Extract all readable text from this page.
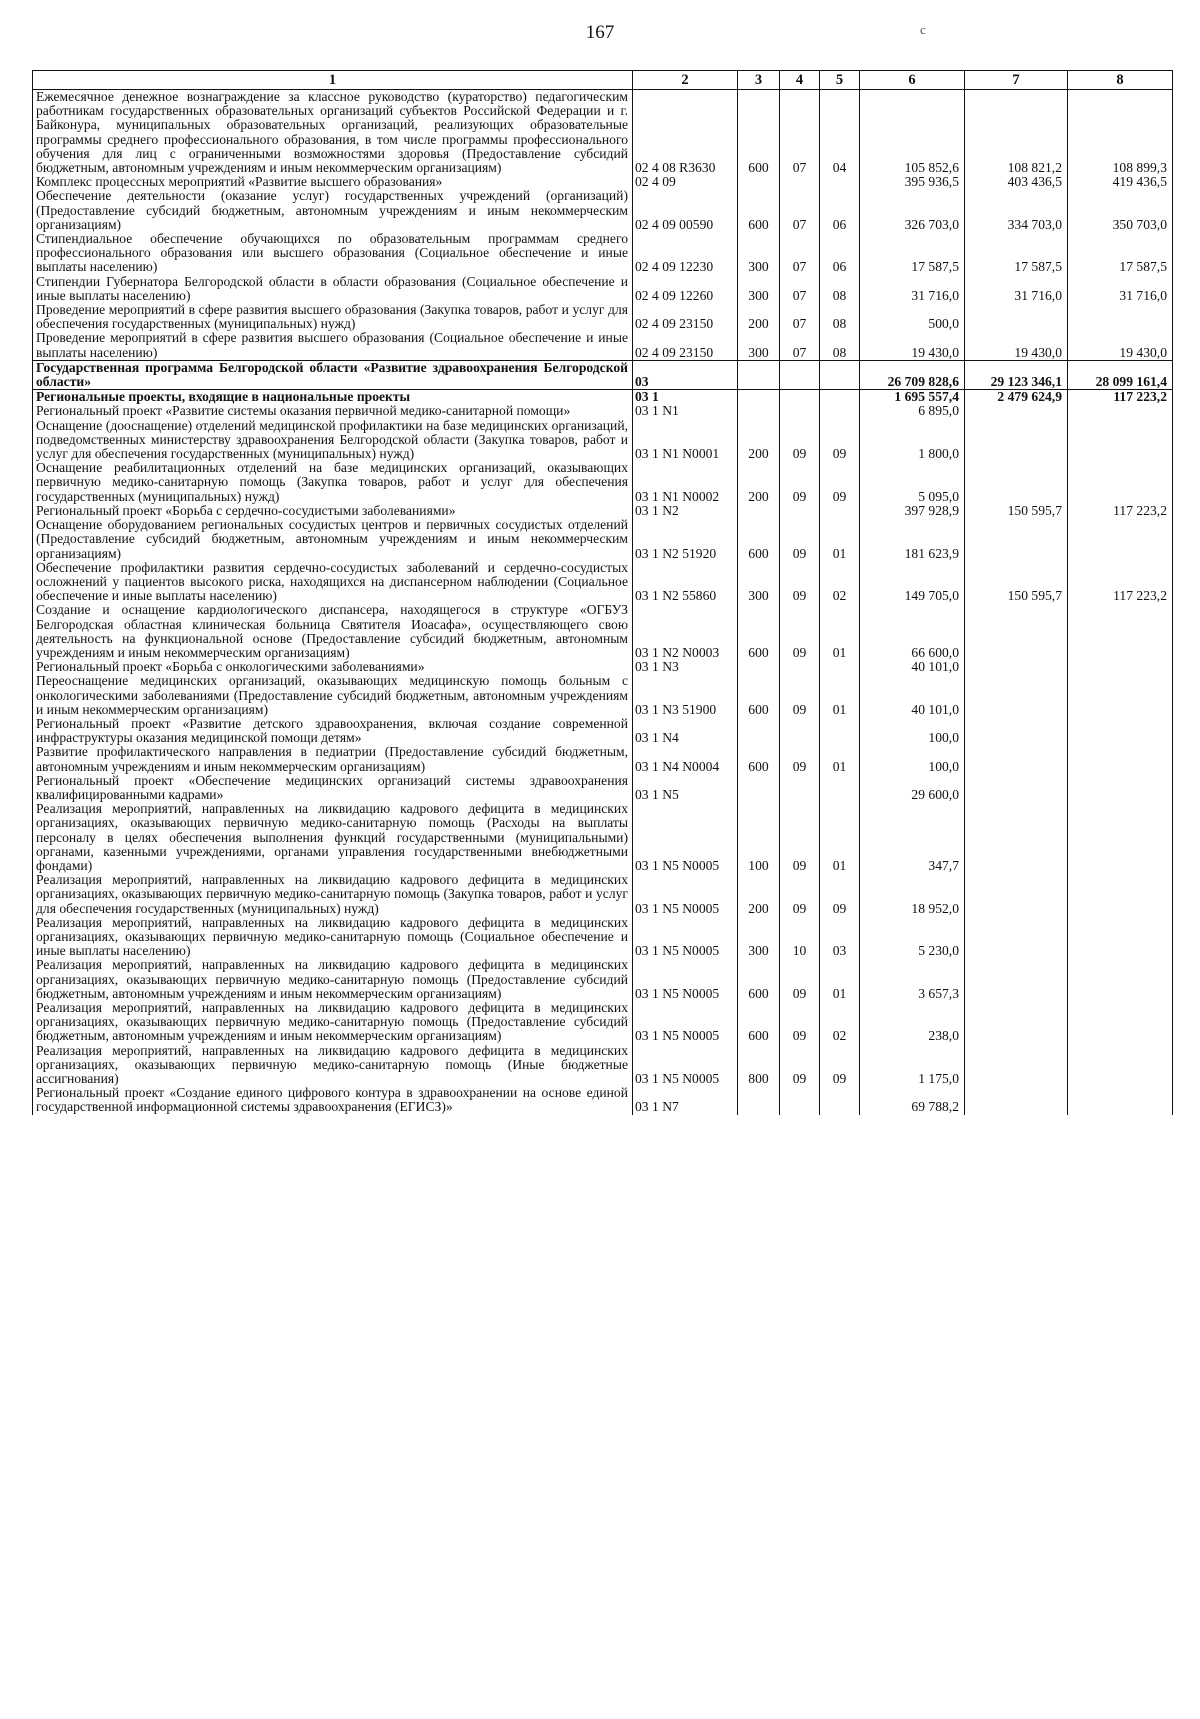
167	с
1	2	3	4	5	6	7	8
Ежемесячное денежное вознаграждение за классное руководство (кураторство) педагогическим работникам государственных образовательных организаций субъектов Российской Федерации и г. Байконура, муниципальных образовательных организаций, реализующих образовательные программы среднего профессионального образования, в том числе программы профессионального обучения для лиц с ограниченными возможностями здоровья (Предоставление субсидий бюджетным, автономным учреждениям и иным некоммерческим организациям)	02 4 08 R3630	600	07	04	105 852,6	108 821,2	108 899,3
Комплекс процессных мероприятий «Развитие высшего образования»	02 4 09				395 936,5	403 436,5	419 436,5
Обеспечение деятельности (оказание услуг) государственных учреждений (организаций) (Предоставление субсидий бюджетным, автономным учреждениям и иным некоммерческим организациям)	02 4 09 00590	600	07	06	326 703,0	334 703,0	350 703,0
Стипендиальное обеспечение обучающихся по образовательным программам среднего профессионального образования или высшего образования (Социальное обеспечение и иные выплаты населению)	02 4 09 12230	300	07	06	17 587,5	17 587,5	17 587,5
Стипендии Губернатора Белгородской области в области образования (Социальное обеспечение и иные выплаты населению)	02 4 09 12260	300	07	08	31 716,0	31 716,0	31 716,0
Проведение мероприятий в сфере развития высшего образования (Закупка товаров, работ и услуг для обеспечения государственных (муниципальных) нужд)	02 4 09 23150	200	07	08	500,0		
Проведение мероприятий в сфере развития высшего образования (Социальное обеспечение и иные выплаты населению)	02 4 09 23150	300	07	08	19 430,0	19 430,0	19 430,0
Государственная программа Белгородской области «Развитие здравоохранения Белгородской области»	03				26 709 828,6	29 123 346,1	28 099 161,4
Региональные проекты, входящие в национальные проекты	03 1				1 695 557,4	2 479 624,9	117 223,2
Региональный проект «Развитие системы оказания первичной медико-санитарной помощи»	03 1 N1				6 895,0		
Оснащение (дооснащение) отделений медицинской профилактики на базе медицинских организаций, подведомственных министерству здравоохранения Белгородской области (Закупка товаров, работ и услуг для обеспечения государственных (муниципальных) нужд)	03 1 N1 N0001	200	09	09	1 800,0		
Оснащение реабилитационных отделений на базе медицинских организаций, оказывающих первичную медико-санитарную помощь (Закупка товаров, работ и услуг для обеспечения государственных (муниципальных) нужд)	03 1 N1 N0002	200	09	09	5 095,0		
Региональный проект «Борьба с сердечно-сосудистыми заболеваниями»	03 1 N2				397 928,9	150 595,7	117 223,2
Оснащение оборудованием региональных сосудистых центров и первичных сосудистых отделений (Предоставление субсидий бюджетным, автономным учреждениям и иным некоммерческим организациям)	03 1 N2 51920	600	09	01	181 623,9		
Обеспечение профилактики развития сердечно-сосудистых заболеваний и сердечно-сосудистых осложнений у пациентов высокого риска, находящихся на диспансерном наблюдении (Социальное обеспечение и иные выплаты населению)	03 1 N2 55860	300	09	02	149 705,0	150 595,7	117 223,2
Создание и оснащение кардиологического диспансера, находящегося в структуре «ОГБУЗ Белгородская областная клиническая больница Святителя Иоасафа», осуществляющего свою деятельность на функциональной основе (Предоставление субсидий бюджетным, автономным учреждениям и иным некоммерческим организациям)	03 1 N2 N0003	600	09	01	66 600,0		
Региональный проект «Борьба с онкологическими заболеваниями»	03 1 N3				40 101,0		
Переоснащение медицинских организаций, оказывающих медицинскую помощь больным с онкологическими заболеваниями (Предоставление субсидий бюджетным, автономным учреждениям и иным некоммерческим организациям)	03 1 N3 51900	600	09	01	40 101,0		
Региональный проект «Развитие детского здравоохранения, включая создание современной инфраструктуры оказания медицинской помощи детям»	03 1 N4				100,0		
Развитие профилактического направления в педиатрии (Предоставление субсидий бюджетным, автономным учреждениям и иным некоммерческим организациям)	03 1 N4 N0004	600	09	01	100,0		
Региональный проект «Обеспечение медицинских организаций системы здравоохранения квалифицированными кадрами»	03 1 N5				29 600,0		
Реализация мероприятий, направленных на ликвидацию кадрового дефицита в медицинских организациях, оказывающих первичную медико-санитарную помощь (Расходы на выплаты персоналу в целях обеспечения выполнения функций государственными (муниципальными) органами, казенными учреждениями, органами управления государственными внебюджетными фондами)	03 1 N5 N0005	100	09	01	347,7		
Реализация мероприятий, направленных на ликвидацию кадрового дефицита в медицинских организациях, оказывающих первичную медико-санитарную помощь (Закупка товаров, работ и услуг для обеспечения государственных (муниципальных) нужд)	03 1 N5 N0005	200	09	09	18 952,0		
Реализация мероприятий, направленных на ликвидацию кадрового дефицита в медицинских организациях, оказывающих первичную медико-санитарную помощь (Социальное обеспечение и иные выплаты населению)	03 1 N5 N0005	300	10	03	5 230,0		
Реализация мероприятий, направленных на ликвидацию кадрового дефицита в медицинских организациях, оказывающих первичную медико-санитарную помощь (Предоставление субсидий бюджетным, автономным учреждениям и иным некоммерческим организациям)	03 1 N5 N0005	600	09	01	3 657,3		
Реализация мероприятий, направленных на ликвидацию кадрового дефицита в медицинских организациях, оказывающих первичную медико-санитарную помощь (Предоставление субсидий бюджетным, автономным учреждениям и иным некоммерческим организациям)	03 1 N5 N0005	600	09	02	238,0		
Реализация мероприятий, направленных на ликвидацию кадрового дефицита в медицинских организациях, оказывающих первичную медико-санитарную помощь (Иные бюджетные ассигнования)	03 1 N5 N0005	800	09	09	1 175,0		
Региональный проект «Создание единого цифрового контура в здравоохранении на основе единой государственной информационной системы здравоохранения (ЕГИСЗ)»	03 1 N7				69 788,2		
